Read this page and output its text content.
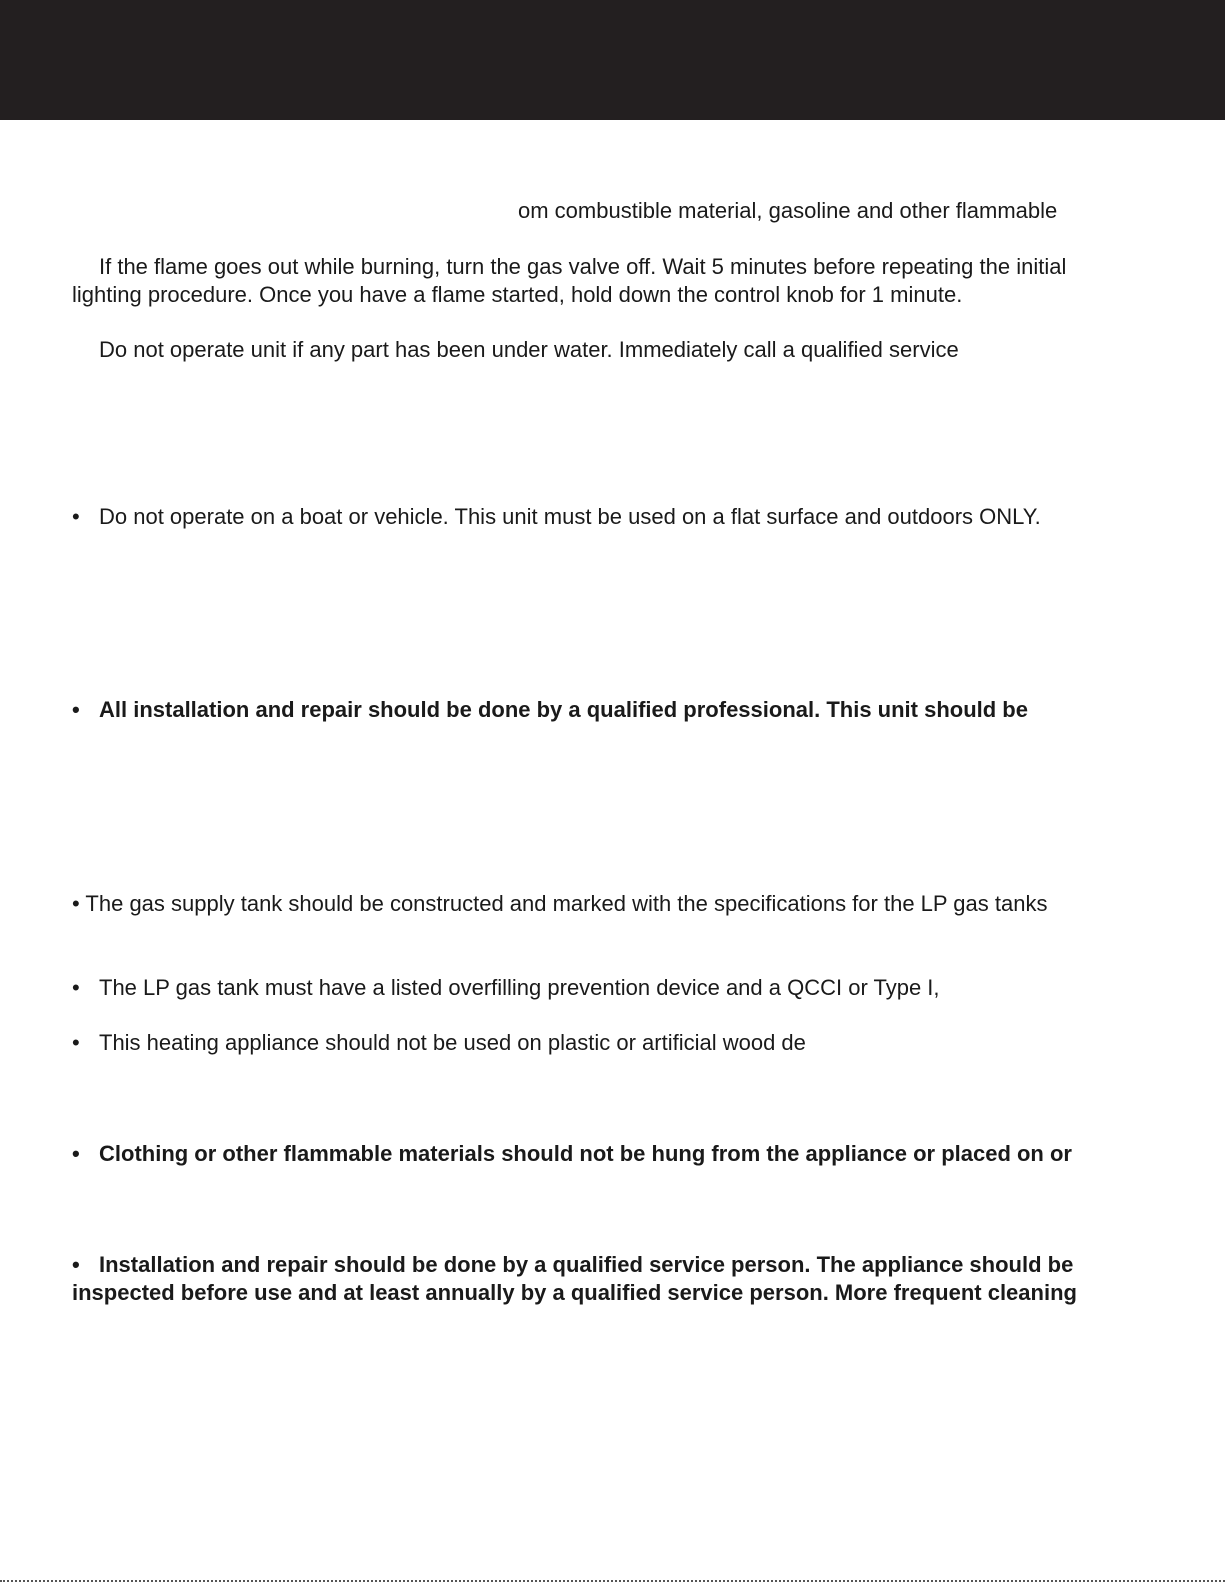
om combustible material, gasoline and other flammable

If the flame goes out while burning, turn the gas valve off. Wait 5 minutes before repeating the initial

lighting procedure. Once you have a flame started, hold down the control knob for 1 minute.

Do not operate unit if any part has been under water. Immediately call a qualified service

• Do not operate on a boat or vehicle. This unit must be used on a flat surface and outdoors ONLY.

• All installation and repair should be done by a qualified professional. This unit should be

• The gas supply tank should be constructed and marked with the specifications for the LP gas tanks

• The LP gas tank must have a listed overfilling prevention device and a QCCI or Type I,

• This heating appliance should not be used on plastic or artificial wood de

• Clothing or other flammable materials should not be hung from the appliance or placed on or

• Installation and repair should be done by a qualified service person. The appliance should be

inspected before use and at least annually by a qualified service person. More frequent cleaning
